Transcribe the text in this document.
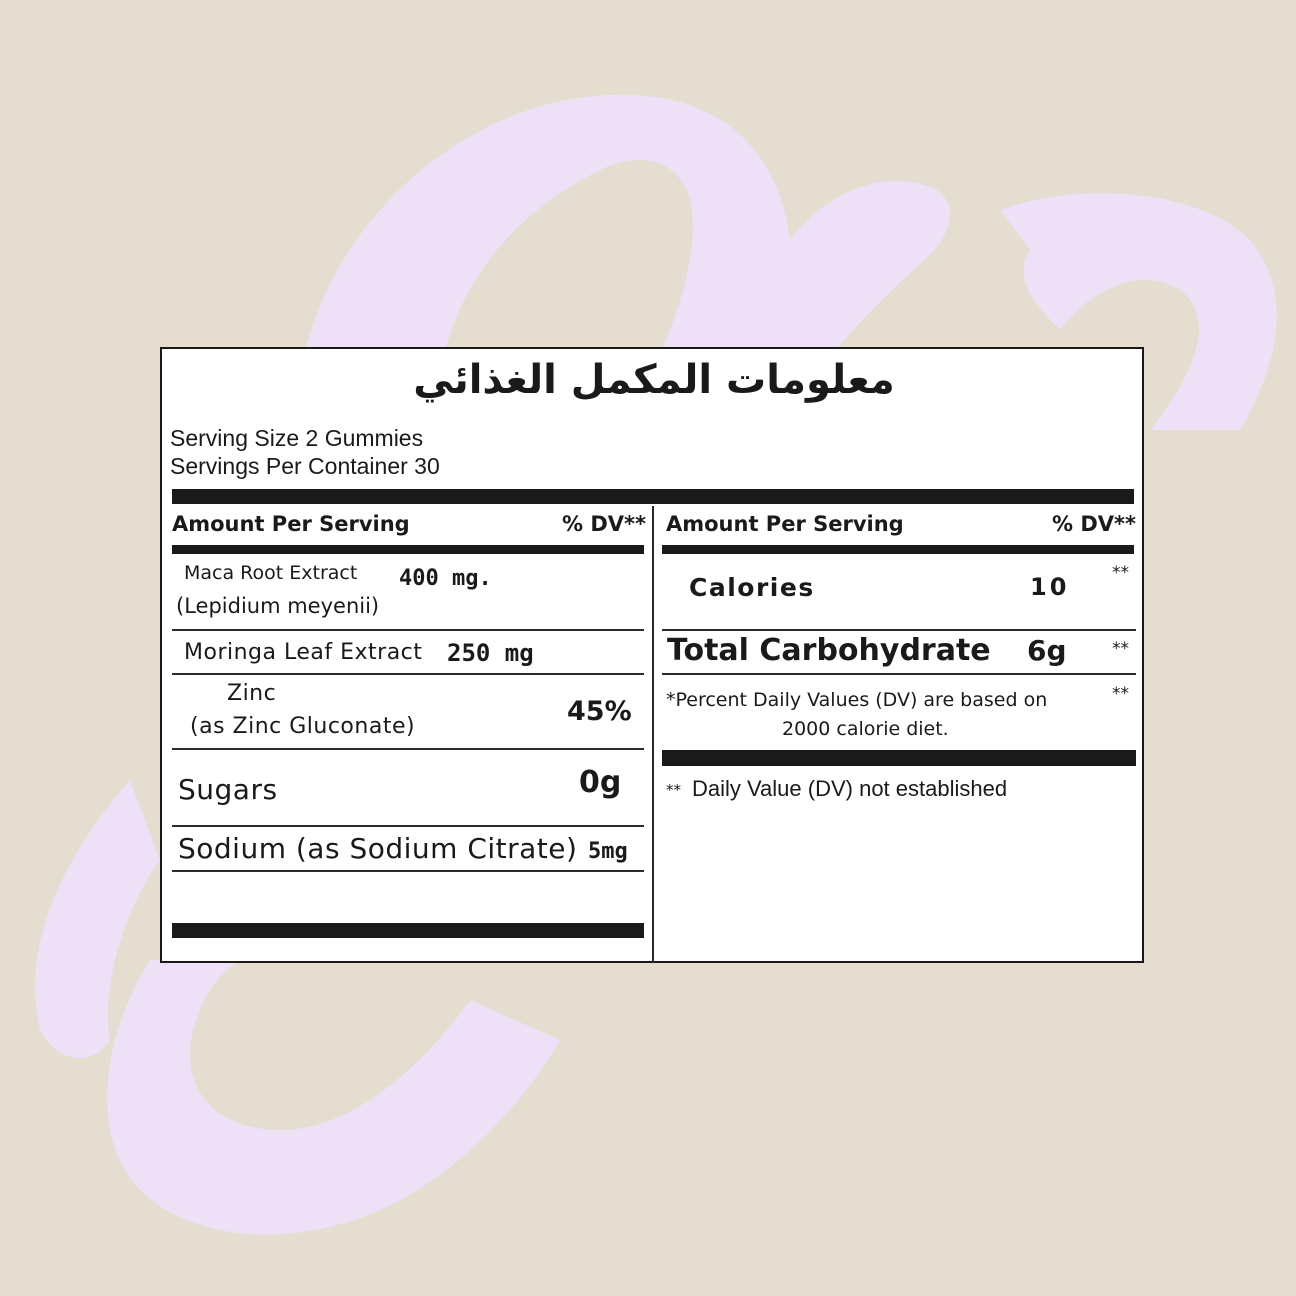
معلومات المكمل الغذائي
Serving Size 2 Gummies
Servings Per Container 30
Amount Per Serving	% DV**
Maca Root Extract 400 mg.
(Lepidium meyenii)
Moringa Leaf Extract 250 mg
Zinc
(as Zinc Gluconate)	45%
Sugars	0g
Sodium (as Sodium Citrate) 5mg
Amount Per Serving	% DV**
Calories	10	**
Total Carbohydrate 6g	**
*Percent Daily Values (DV) are based on
2000 calorie diet.
**
** Daily Value (DV) not established
